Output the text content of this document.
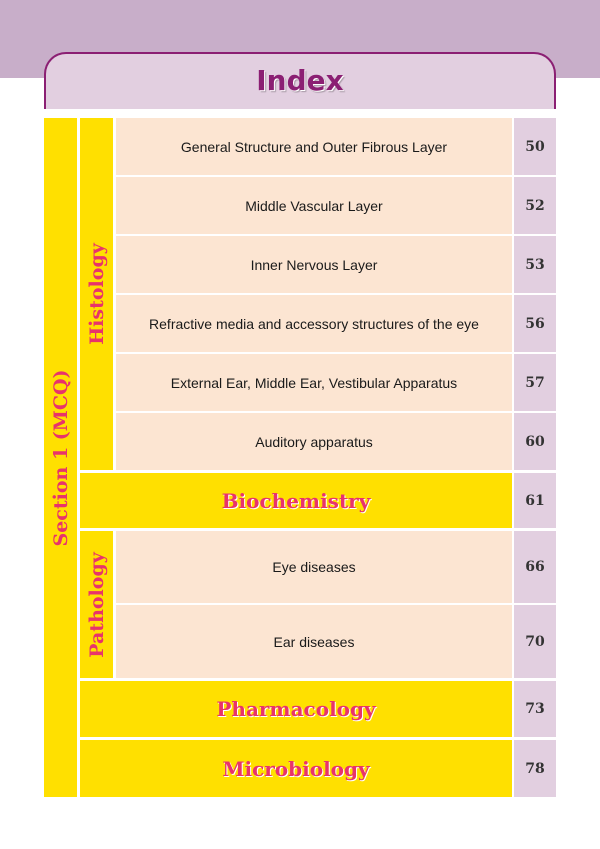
Index
Section 1 (MCQ)
Histology
General Structure and Outer Fibrous Layer	50
Middle Vascular Layer	52
Inner Nervous Layer	53
Refractive media and accessory structures of the eye	56
External Ear, Middle Ear, Vestibular Apparatus	57
Auditory apparatus	60
Biochemistry	61
Pathology	Eye diseases	66
Ear diseases	70
Pharmacology	73
Microbiology	78
